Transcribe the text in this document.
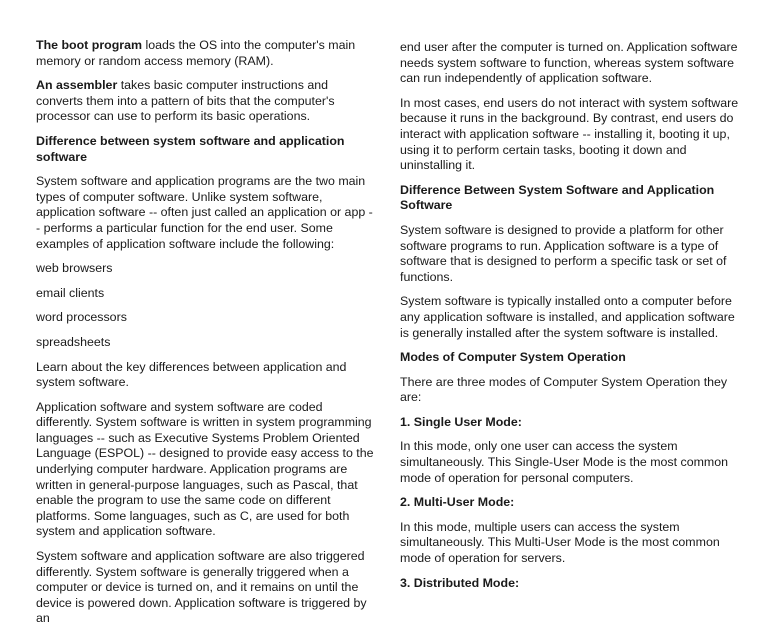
The boot program loads the OS into the computer's main memory or random access memory (RAM).

An assembler takes basic computer instructions and converts them into a pattern of bits that the computer's processor can use to perform its basic operations.

Difference between system software and application software

System software and application programs are the two main types of computer software. Unlike system software, application software -- often just called an application or app -- performs a particular function for the end user. Some examples of application software include the following:

web browsers

email clients

word processors

spreadsheets

Learn about the key differences between application and system software.

Application software and system software are coded differently. System software is written in system programming languages -- such as Executive Systems Problem Oriented Language (ESPOL) -- designed to provide easy access to the underlying computer hardware. Application programs are written in general-purpose languages, such as Pascal, that enable the program to use the same code on different platforms. Some languages, such as C, are used for both system and application software.

System software and application software are also triggered differently. System software is generally triggered when a computer or device is turned on, and it remains on until the device is powered down. Application software is triggered by an

end user after the computer is turned on. Application software needs system software to function, whereas system software can run independently of application software.

In most cases, end users do not interact with system software because it runs in the background. By contrast, end users do interact with application software -- installing it, booting it up, using it to perform certain tasks, booting it down and uninstalling it.

Difference Between System Software and Application Software

System software is designed to provide a platform for other software programs to run. Application software is a type of software that is designed to perform a specific task or set of functions.

System software is typically installed onto a computer before any application software is installed, and application software is generally installed after the system software is installed.

Modes of Computer System Operation

There are three modes of Computer System Operation they are:

1. Single User Mode:

In this mode, only one user can access the system simultaneously. This Single-User Mode is the most common mode of operation for personal computers.

2. Multi-User Mode:

In this mode, multiple users can access the system simultaneously. This Multi-User Mode is the most common mode of operation for servers.

3. Distributed Mode:
